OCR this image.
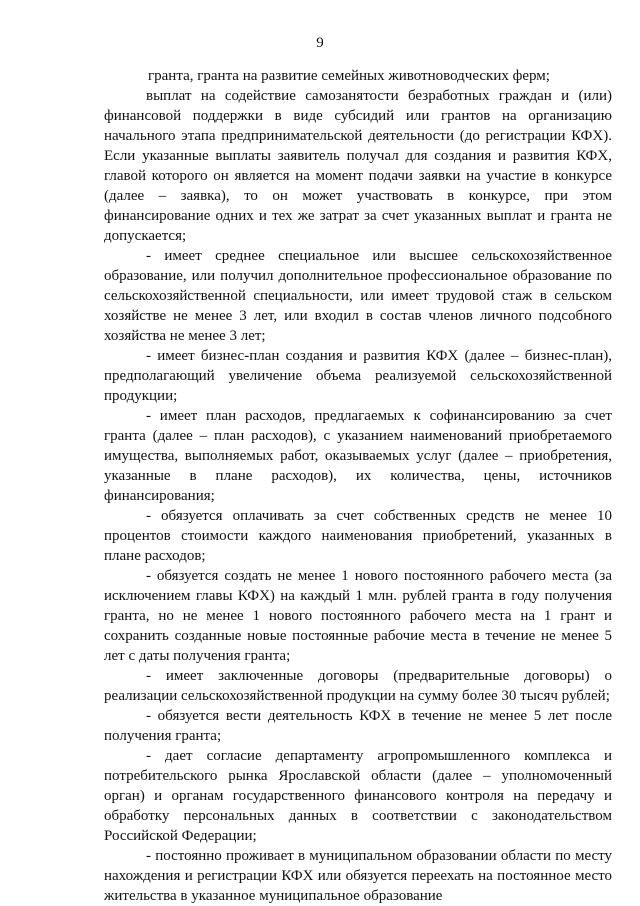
9

гранта, гранта на развитие семейных животноводческих ферм;

выплат на содействие самозанятости безработных граждан и (или) финансовой поддержки в виде субсидий или грантов на организацию начального этапа предпринимательской деятельности (до регистрации КФХ). Если указанные выплаты заявитель получал для создания и развития КФХ, главой которого он является на момент подачи заявки на участие в конкурсе (далее – заявка), то он может участвовать в конкурсе, при этом финансирование одних и тех же затрат за счет указанных выплат и гранта не допускается;

- имеет среднее специальное или высшее сельскохозяйственное образование, или получил дополнительное профессиональное образование по сельскохозяйственной специальности, или имеет трудовой стаж в сельском хозяйстве не менее 3 лет, или входил в состав членов личного подсобного хозяйства не менее 3 лет;

- имеет бизнес-план создания и развития КФХ (далее – бизнес-план), предполагающий увеличение объема реализуемой сельскохозяйственной продукции;

- имеет план расходов, предлагаемых к софинансированию за счет гранта (далее – план расходов), с указанием наименований приобретаемого имущества, выполняемых работ, оказываемых услуг (далее – приобретения, указанные в плане расходов), их количества, цены, источников финансирования;

- обязуется оплачивать за счет собственных средств не менее 10 процентов стоимости каждого наименования приобретений, указанных в плане расходов;

- обязуется создать не менее 1 нового постоянного рабочего места (за исключением главы КФХ) на каждый 1 млн. рублей гранта в году получения гранта, но не менее 1 нового постоянного рабочего места на 1 грант и сохранить созданные новые постоянные рабочие места в течение не менее 5 лет с даты получения гранта;

- имеет заключенные договоры (предварительные договоры) о реализации сельскохозяйственной продукции на сумму более 30 тысяч рублей;

- обязуется вести деятельность КФХ в течение не менее 5 лет после получения гранта;

- дает согласие департаменту агропромышленного комплекса и потребительского рынка Ярославской области (далее – уполномоченный орган) и органам государственного финансового контроля на передачу и обработку персональных данных в соответствии с законодательством Российской Федерации;

- постоянно проживает в муниципальном образовании области по месту нахождения и регистрации КФХ или обязуется переехать на постоянное место жительства в указанное муниципальное образование
